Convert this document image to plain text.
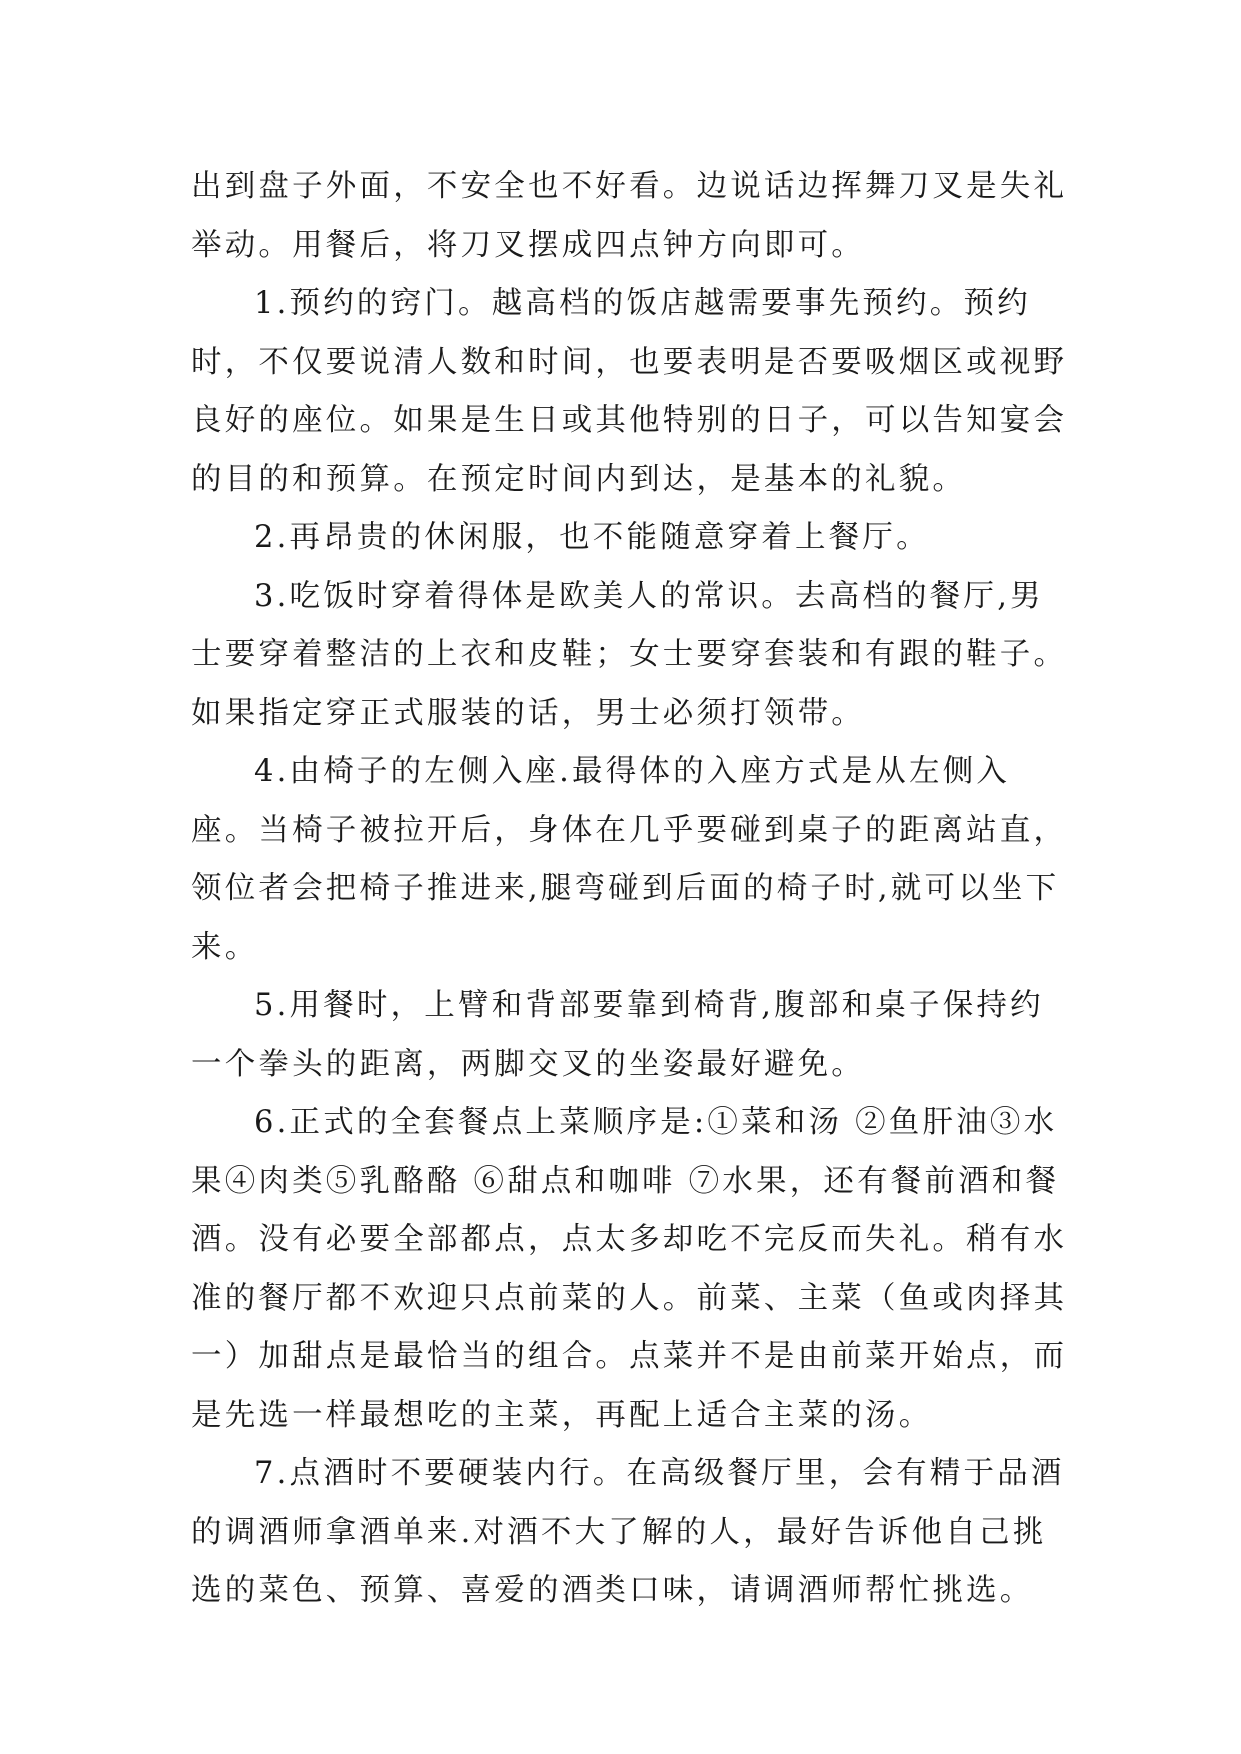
出到盘子外面，不安全也不好看。边说话边挥舞刀叉是失礼举动。用餐后，将刀叉摆成四点钟方向即可。

1.预约的窍门。越高档的饭店越需要事先预约。预约时，不仅要说清人数和时间，也要表明是否要吸烟区或视野良好的座位。如果是生日或其他特别的日子，可以告知宴会的目的和预算。在预定时间内到达，是基本的礼貌。

2.再昂贵的休闲服，也不能随意穿着上餐厅。

3.吃饭时穿着得体是欧美人的常识。去高档的餐厅,男士要穿着整洁的上衣和皮鞋；女士要穿套装和有跟的鞋子。如果指定穿正式服装的话，男士必须打领带。

4.由椅子的左侧入座.最得体的入座方式是从左侧入座。当椅子被拉开后，身体在几乎要碰到桌子的距离站直，领位者会把椅子推进来,腿弯碰到后面的椅子时,就可以坐下来。

5.用餐时，上臂和背部要靠到椅背,腹部和桌子保持约一个拳头的距离，两脚交叉的坐姿最好避免。

6.正式的全套餐点上菜顺序是:①菜和汤 ②鱼肝油③水果④肉类⑤乳酪酪 ⑥甜点和咖啡 ⑦水果，还有餐前酒和餐酒。没有必要全部都点，点太多却吃不完反而失礼。稍有水准的餐厅都不欢迎只点前菜的人。前菜、主菜（鱼或肉择其一）加甜点是最恰当的组合。点菜并不是由前菜开始点，而是先选一样最想吃的主菜，再配上适合主菜的汤。

7.点酒时不要硬装内行。在高级餐厅里，会有精于品酒的调酒师拿酒单来.对酒不大了解的人，最好告诉他自己挑选的菜色、预算、喜爱的酒类口味，请调酒师帮忙挑选。
